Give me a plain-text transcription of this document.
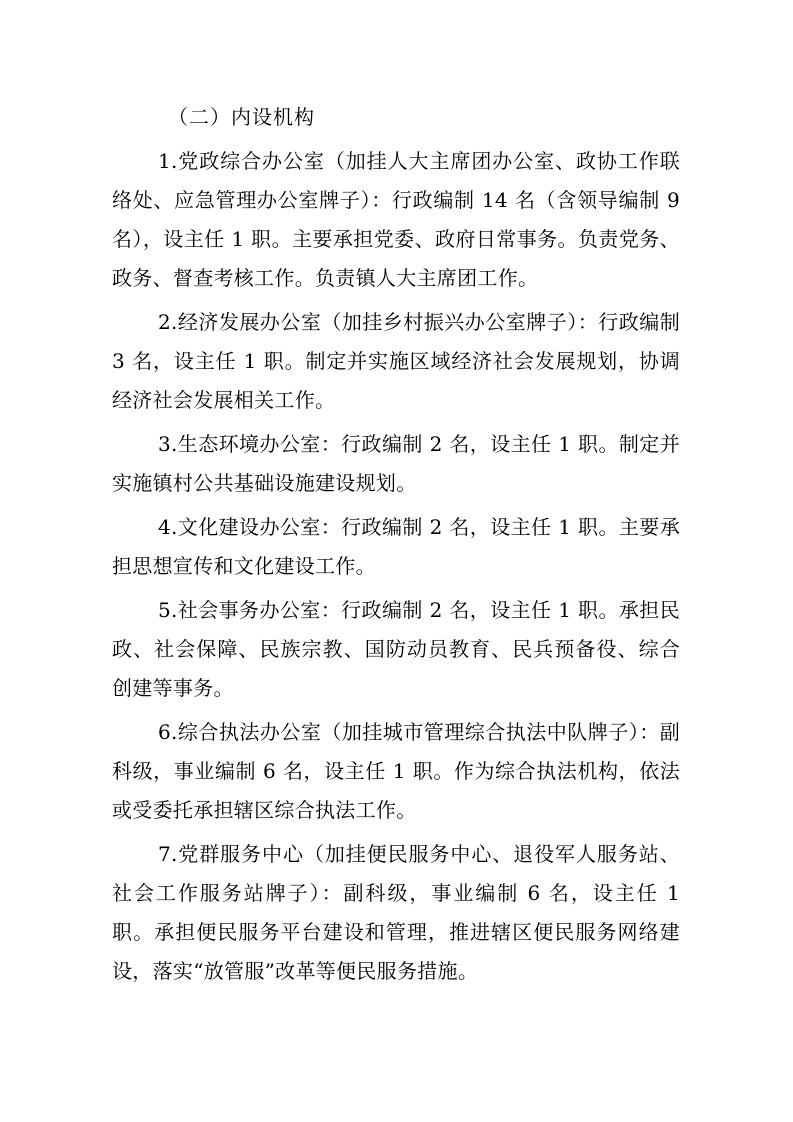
（二）内设机构

1.党政综合办公室（加挂人大主席团办公室、政协工作联络处、应急管理办公室牌子）：行政编制 14 名（含领导编制 9 名），设主任 1 职。主要承担党委、政府日常事务。负责党务、政务、督查考核工作。负责镇人大主席团工作。

2.经济发展办公室（加挂乡村振兴办公室牌子）：行政编制 3 名，设主任 1 职。制定并实施区域经济社会发展规划，协调经济社会发展相关工作。

3.生态环境办公室：行政编制 2 名，设主任 1 职。制定并实施镇村公共基础设施建设规划。

4.文化建设办公室：行政编制 2 名，设主任 1 职。主要承担思想宣传和文化建设工作。

5.社会事务办公室：行政编制 2 名，设主任 1 职。承担民政、社会保障、民族宗教、国防动员教育、民兵预备役、综合创建等事务。

6.综合执法办公室（加挂城市管理综合执法中队牌子）：副科级，事业编制 6 名，设主任 1 职。作为综合执法机构，依法或受委托承担辖区综合执法工作。

7.党群服务中心（加挂便民服务中心、退役军人服务站、社会工作服务站牌子）：副科级，事业编制 6 名，设主任 1 职。承担便民服务平台建设和管理，推进辖区便民服务网络建设，落实“放管服”改革等便民服务措施。
